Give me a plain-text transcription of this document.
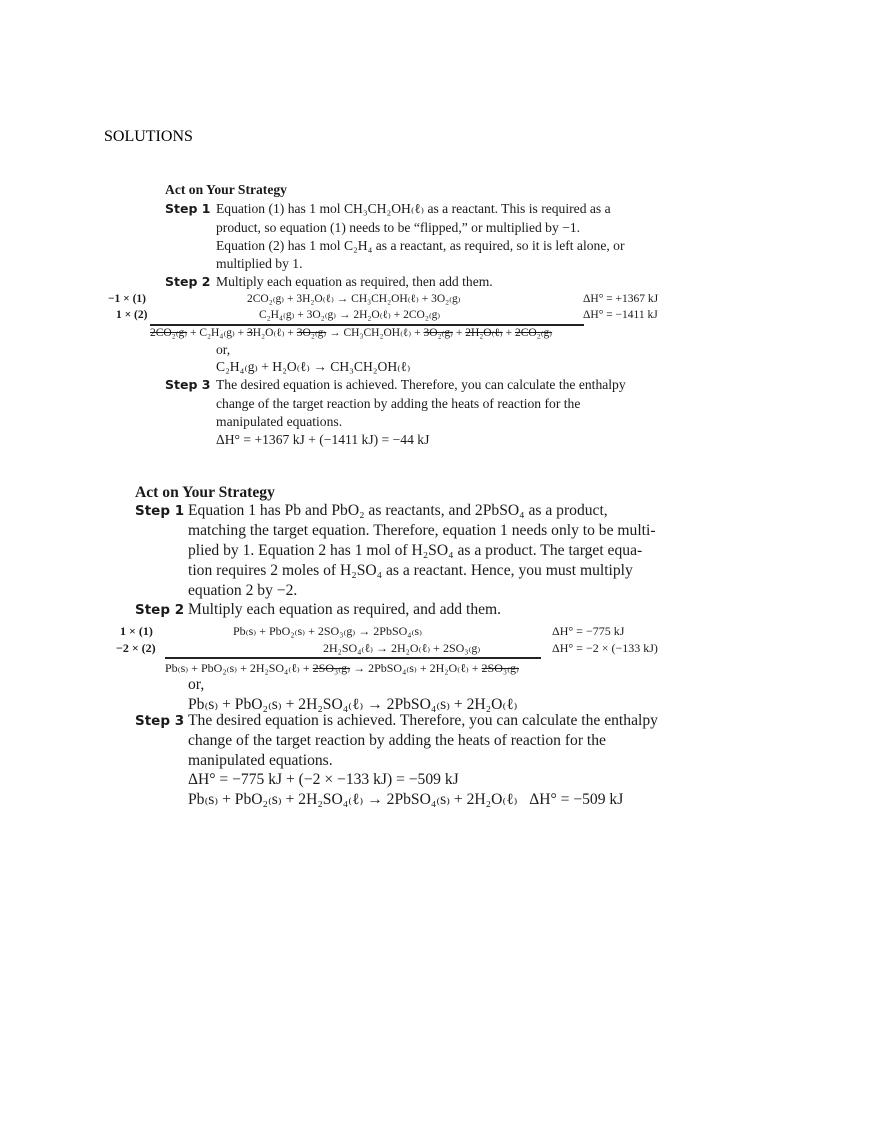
SOLUTIONS
Act on Your Strategy
Step 1 Equation (1) has 1 mol CH₃CH₂OH₍ℓ₎ as a reactant. This is required as a
product, so equation (1) needs to be “flipped,” or multiplied by −1.
Equation (2) has 1 mol C₂H₄ as a reactant, as required, so it is left alone, or
multiplied by 1.
Step 2 Multiply each equation as required, then add them.
−1 × (1)	2CO₂₍g₎ + 3H₂O₍ℓ₎ → CH₃CH₂OH₍ℓ₎ + 3O₂₍g₎	ΔH° = +1367 kJ
1 × (2)	C₂H₄₍g₎ + 3O₂₍g₎ → 2H₂O₍ℓ₎ + 2CO₂₍g₎	ΔH° = −1411 kJ
2CO₂₍g₎ + C₂H₄₍g₎ + 3H₂O₍ℓ₎ + 3O₂₍g₎ → CH₃CH₂OH₍ℓ₎ + 3O₂₍g₎ + 2H₂O₍ℓ₎ + 2CO₂₍g₎
or,
C₂H₄₍g₎ + H₂O₍ℓ₎ → CH₃CH₂OH₍ℓ₎
Step 3 The desired equation is achieved. Therefore, you can calculate the enthalpy
change of the target reaction by adding the heats of reaction for the
manipulated equations.
ΔH° = +1367 kJ + (−1411 kJ) = −44 kJ
Act on Your Strategy
Step 1 Equation 1 has Pb and PbO₂ as reactants, and 2PbSO₄ as a product,
matching the target equation. Therefore, equation 1 needs only to be multi-
plied by 1. Equation 2 has 1 mol of H₂SO₄ as a product. The target equa-
tion requires 2 moles of H₂SO₄ as a reactant. Hence, you must multiply
equation 2 by −2.
Step 2 Multiply each equation as required, and add them.
1 × (1)	Pb₍s₎ + PbO₂₍s₎ + 2SO₃₍g₎ → 2PbSO₄₍s₎	ΔH° = −775 kJ
−2 × (2)	2H₂SO₄₍ℓ₎ → 2H₂O₍ℓ₎ + 2SO₃₍g₎	ΔH° = −2 × (−133 kJ)
Pb₍s₎ + PbO₂₍s₎ + 2H₂SO₄₍ℓ₎ + 2SO₃₍g₎ → 2PbSO₄₍s₎ + 2H₂O₍ℓ₎ + 2SO₃₍g₎
or,
Pb₍s₎ + PbO₂₍s₎ + 2H₂SO₄₍ℓ₎ → 2PbSO₄₍s₎ + 2H₂O₍ℓ₎
Step 3 The desired equation is achieved. Therefore, you can calculate the enthalpy
change of the target reaction by adding the heats of reaction for the
manipulated equations.
ΔH° = −775 kJ + (−2 × −133 kJ) = −509 kJ
Pb₍s₎ + PbO₂₍s₎ + 2H₂SO₄₍ℓ₎ → 2PbSO₄₍s₎ + 2H₂O₍ℓ₎   ΔH° = −509 kJ
